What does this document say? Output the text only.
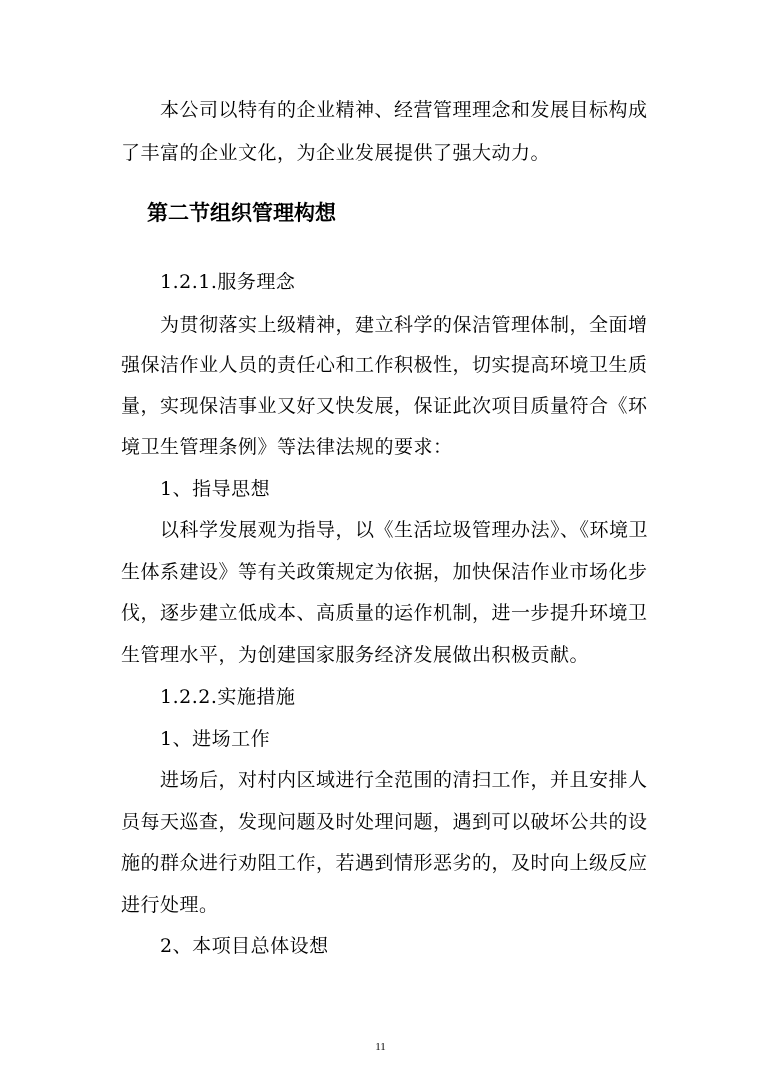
本公司以特有的企业精神、经营管理理念和发展目标构成
了丰富的企业文化，为企业发展提供了强大动力。
第二节组织管理构想
1.2.1.服务理念
为贯彻落实上级精神，建立科学的保洁管理体制，全面增
强保洁作业人员的责任心和工作积极性，切实提高环境卫生质
量，实现保洁事业又好又快发展，保证此次项目质量符合《环
境卫生管理条例》等法律法规的要求：
1、指导思想
以科学发展观为指导，以《生活垃圾管理办法》、《环境卫
生体系建设》等有关政策规定为依据，加快保洁作业市场化步
伐，逐步建立低成本、高质量的运作机制，进一步提升环境卫
生管理水平，为创建国家服务经济发展做出积极贡献。
1.2.2.实施措施
1、进场工作
进场后，对村内区域进行全范围的清扫工作，并且安排人
员每天巡查，发现问题及时处理问题，遇到可以破坏公共的设
施的群众进行劝阻工作，若遇到情形恶劣的，及时向上级反应
进行处理。
2、本项目总体设想
11
